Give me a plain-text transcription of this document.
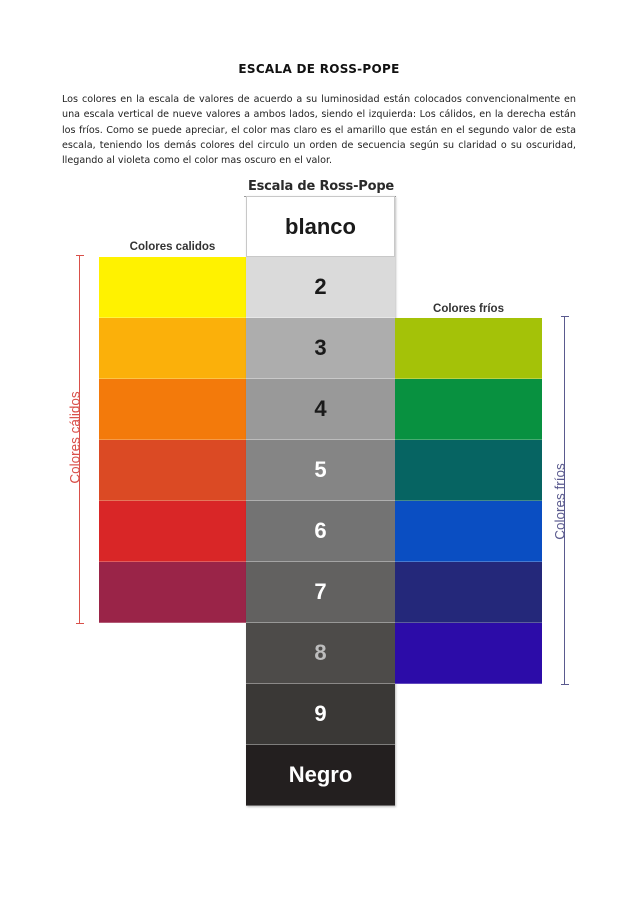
ESCALA DE ROSS-POPE

Los colores en la escala de valores de acuerdo a su luminosidad están colocados convencionalmente en una escala vertical de nueve valores a ambos lados, siendo el izquierda: Los cálidos, en la derecha están los fríos. Como se puede apreciar, el color mas claro es el amarillo que están en el segundo valor de esta escala, teniendo los demás colores del circulo un orden de secuencia según su claridad o su oscuridad, llegando al violeta como el color mas oscuro en el valor.

Escala de Ross-Pope
Colores calidos
Colores fríos
blanco
2
3
4
5
6
7
8
9
Negro
Colores cálidos
Colores fríos
